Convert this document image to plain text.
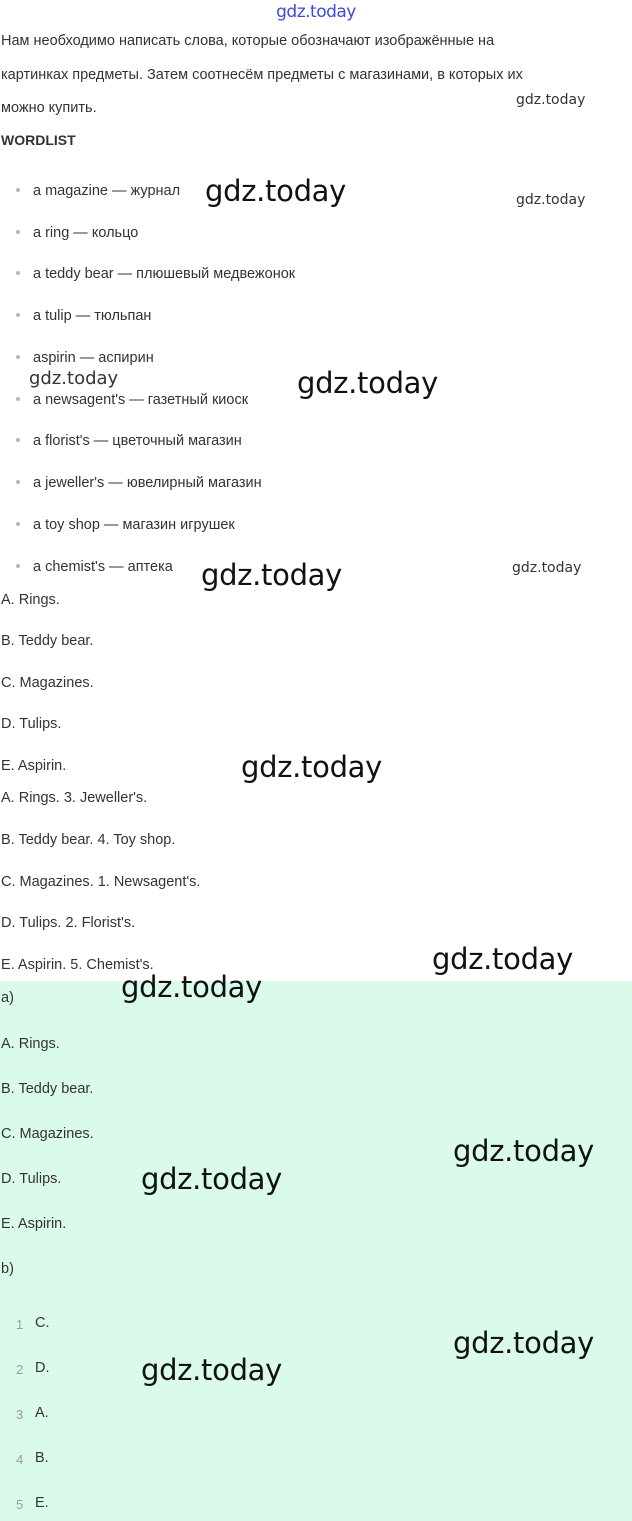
gdz.today
Нам необходимо написать слова, которые обозначают изображённые на
картинках предметы. Затем соотнесём предметы с магазинами, в которых их
можно купить.
WORDLIST
a magazine — журнал
a ring — кольцо
a teddy bear — плюшевый медвежонок
a tulip — тюльпан
aspirin — аспирин
a newsagent's — газетный киоск
a florist's — цветочный магазин
a jeweller's — ювелирный магазин
a toy shop — магазин игрушек
a chemist's — аптека
A. Rings.
B. Teddy bear.
C. Magazines.
D. Tulips.
E. Aspirin.
A. Rings. 3. Jeweller's.
B. Teddy bear. 4. Toy shop.
C. Magazines. 1. Newsagent's.
D. Tulips. 2. Florist's.
E. Aspirin. 5. Chemist's.
a)
A. Rings.
B. Teddy bear.
C. Magazines.
D. Tulips.
E. Aspirin.
b)
1 C.
2 D.
3 A.
4 B.
5 E.
gdz.today
gdz.today	gdz.today
gdz.today	gdz.today
gdz.today	gdz.today
gdz.today
gdz.today
gdz.today
gdz.today
gdz.today
gdz.today
gdz.today
